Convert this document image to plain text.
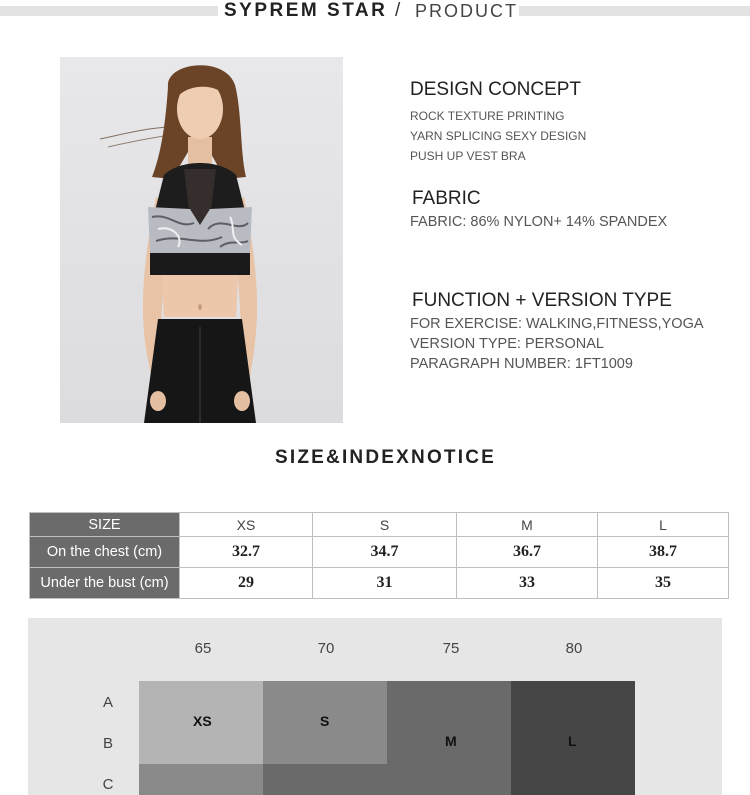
SYPREM STAR / PRODUCT
DESIGN CONCEPT
ROCK TEXTURE PRINTING
YARN SPLICING SEXY DESIGN
PUSH UP VEST BRA
FABRIC
FABRIC: 86% NYLON+ 14% SPANDEX
FUNCTION + VERSION TYPE
FOR EXERCISE: WALKING,FITNESS,YOGA
VERSION TYPE: PERSONAL
PARAGRAPH NUMBER: 1FT1009
SIZE&INDEXNOTICE
SIZE	XS	S	M	L
On the chest (cm)	32.7	34.7	36.7	38.7
Under the bust (cm)	29	31	33	35
65	70	75	80
A
B
C
XS	S
M	L
